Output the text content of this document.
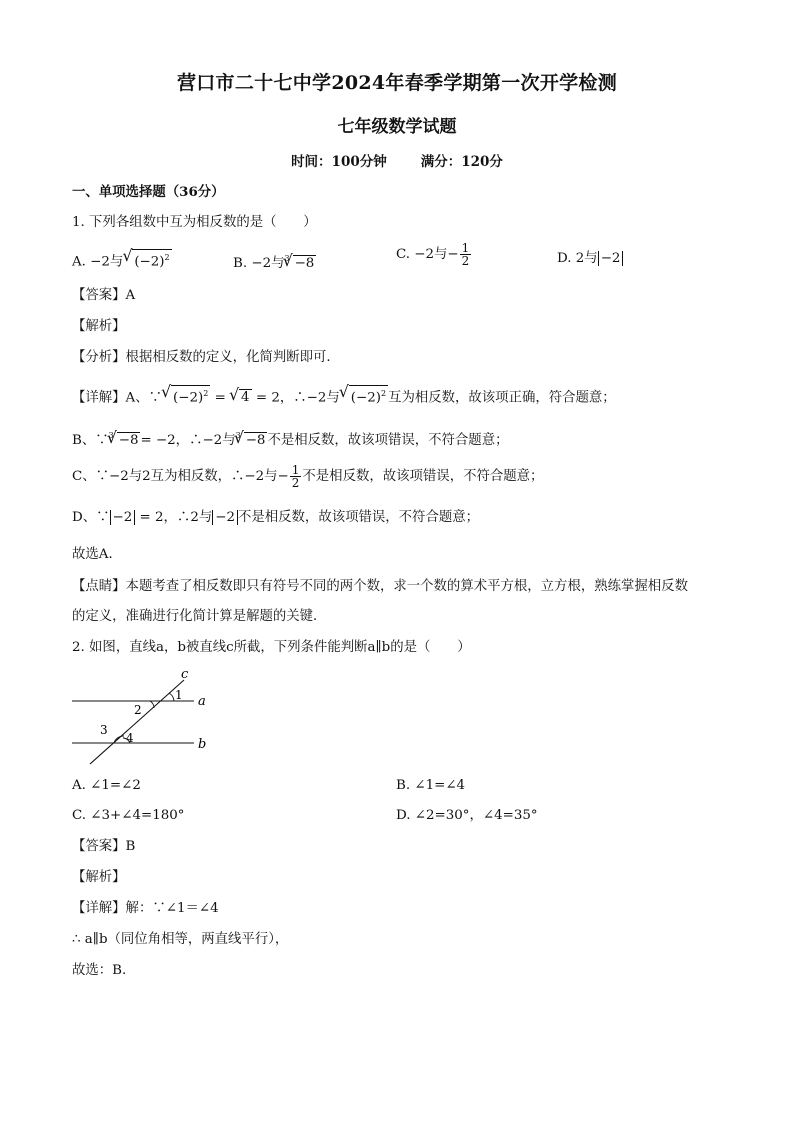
营口市二十七中学2024年春季学期第一次开学检测
七年级数学试题
时间：100分钟	满分：120分
一、单项选择题（36分）
1. 下列各组数中互为相反数的是（　　）
A. −2与 √ $(-2)^2$	B. −2与$^3$ √ −8
C. −2与− $\frac{1}{2}$	D. 2与 −2
【答案】A
【解析】
【分析】根据相反数的定义，化简判断即可．
【详解】A、∵ √ $(-2)^2$ = √ 4 = 2，∴−2与 √ $(-2)^2$ 互为相反数，故该项正确，符合题意；
B、∵$^3$ √ −8 = −2，∴−2与$^3$ √ −8 不是相反数，故该项错误，不符合题意；
C、∵−2与2互为相反数，∴−2与− $\frac{1}{2}$ 不是相反数，故该项错误，不符合题意；
D、∵ −2 = 2，∴2与 −2 不是相反数，故该项错误，不符合题意；
故选A．
【点睛】本题考查了相反数即只有符号不同的两个数，求一个数的算术平方根，立方根，熟练掌握相反数
的定义，准确进行化简计算是解题的关键．
2. 如图，直线a，b被直线c所截，下列条件能判断a∥b的是（　　）
c
a
b
1
2
3
4
A. ∠1=∠2	B. ∠1=∠4
C. ∠3+∠4=180°	D. ∠2=30°，∠4=35°
【答案】B
【解析】
【详解】解：∵∠1＝∠4
∴ a∥b（同位角相等，两直线平行），
故选：B.
